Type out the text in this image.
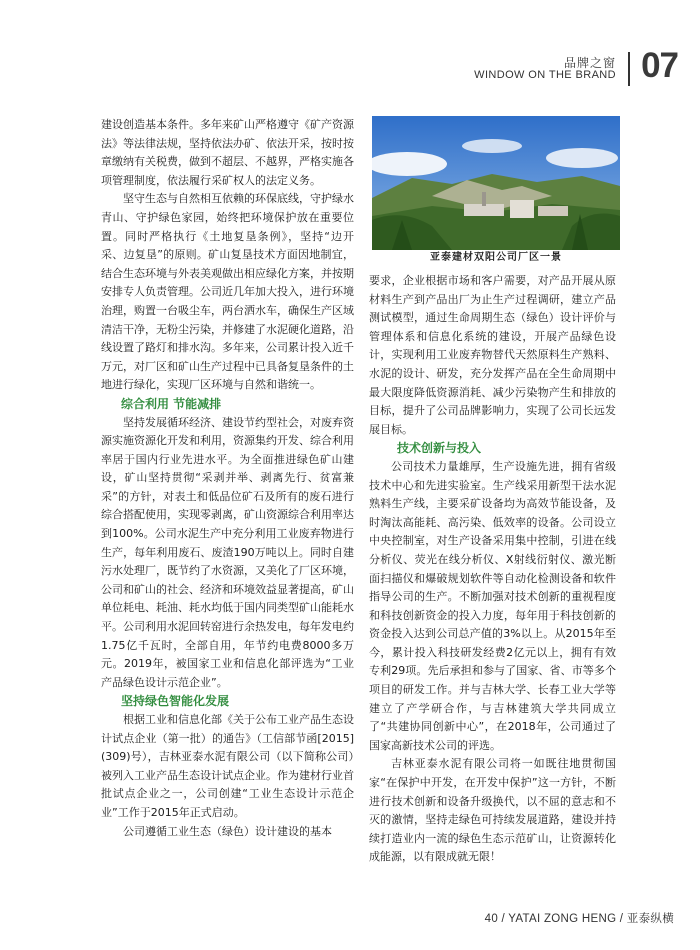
品牌之窗
WINDOW ON THE BRAND 07

建设创造基本条件。多年来矿山严格遵守《矿产资源法》等法律法规，坚持依法办矿、依法开采，按时按章缴纳有关税费，做到不超层、不越界，严格实施各项管理制度，依法履行采矿权人的法定义务。

坚守生态与自然相互依赖的环保底线，守护绿水青山、守护绿色家园，始终把环境保护放在重要位置。同时严格执行《土地复垦条例》，坚持“边开采、边复垦”的原则。矿山复垦技术方面因地制宜，结合生态环境与外表美观做出相应绿化方案，并按期安排专人负责管理。公司近几年加大投入，进行环境治理，购置一台吸尘车，两台洒水车，确保生产区域清洁干净，无粉尘污染，并修建了水泥硬化道路，沿线设置了路灯和排水沟。多年来，公司累计投入近千万元，对厂区和矿山生产过程中已具备复垦条件的土地进行绿化，实现厂区环境与自然和谐统一。

综合利用 节能减排

坚持发展循环经济、建设节约型社会，对废弃资源实施资源化开发和利用，资源集约开发、综合利用率居于国内行业先进水平。为全面推进绿色矿山建设，矿山坚持贯彻“采剥并举、剥离先行、贫富兼采”的方针，对表土和低品位矿石及所有的废石进行综合搭配使用，实现零剥离，矿山资源综合利用率达到100%。公司水泥生产中充分利用工业废弃物进行生产，每年利用废石、废渣190万吨以上。同时自建污水处理厂，既节约了水资源，又美化了厂区环境，公司和矿山的社会、经济和环境效益显著提高，矿山单位耗电、耗油、耗水均低于国内同类型矿山能耗水平。公司利用水泥回转窑进行余热发电，每年发电约1.75亿千瓦时，全部自用，年节约电费8000多万元。2019年，被国家工业和信息化部评选为“工业产品绿色设计示范企业”。

坚持绿色智能化发展

根据工业和信息化部《关于公布工业产品生态设计试点企业（第一批）的通告》（工信部节函[2015](309)号），吉林亚泰水泥有限公司（以下简称公司）被列入工业产品生态设计试点企业。作为建材行业首批试点企业之一，公司创建“工业生态设计示范企业”工作于2015年正式启动。

公司遵循工业生态（绿色）设计建设的基本

亚泰建材双阳公司厂区一景

要求，企业根据市场和客户需要，对产品开展从原材料生产到产品出厂为止生产过程调研，建立产品测试模型，通过生命周期生态（绿色）设计评价与管理体系和信息化系统的建设，开展产品绿色设计，实现利用工业废弃物替代天然原料生产熟料、水泥的设计、研发，充分发挥产品在全生命周期中最大限度降低资源消耗、减少污染物产生和排放的目标，提升了公司品牌影响力，实现了公司长远发展目标。

技术创新与投入

公司技术力量雄厚，生产设施先进，拥有省级技术中心和先进实验室。生产线采用新型干法水泥熟料生产线，主要采矿设备均为高效节能设备，及时淘汰高能耗、高污染、低效率的设备。公司设立中央控制室，对生产设备采用集中控制，引进在线分析仪、荧光在线分析仪、X射线衍射仪、激光断面扫描仪和爆破规划软件等自动化检测设备和软件指导公司的生产。不断加强对技术创新的重视程度和科技创新资金的投入力度，每年用于科技创新的资金投入达到公司总产值的3%以上。从2015年至今，累计投入科技研发经费2亿元以上，拥有有效专利29项。先后承担和参与了国家、省、市等多个项目的研发工作。并与吉林大学、长春工业大学等建立了产学研合作，与吉林建筑大学共同成立了“共建协同创新中心”，在2018年，公司通过了国家高新技术公司的评选。

吉林亚泰水泥有限公司将一如既往地贯彻国家“在保护中开发，在开发中保护”这一方针，不断进行技术创新和设备升级换代，以不屈的意志和不灭的激情，坚持走绿色可持续发展道路，建设并持续打造业内一流的绿色生态示范矿山，让资源转化成能源，以有限成就无限！

40 / YATAI ZONG HENG / 亚泰纵横
